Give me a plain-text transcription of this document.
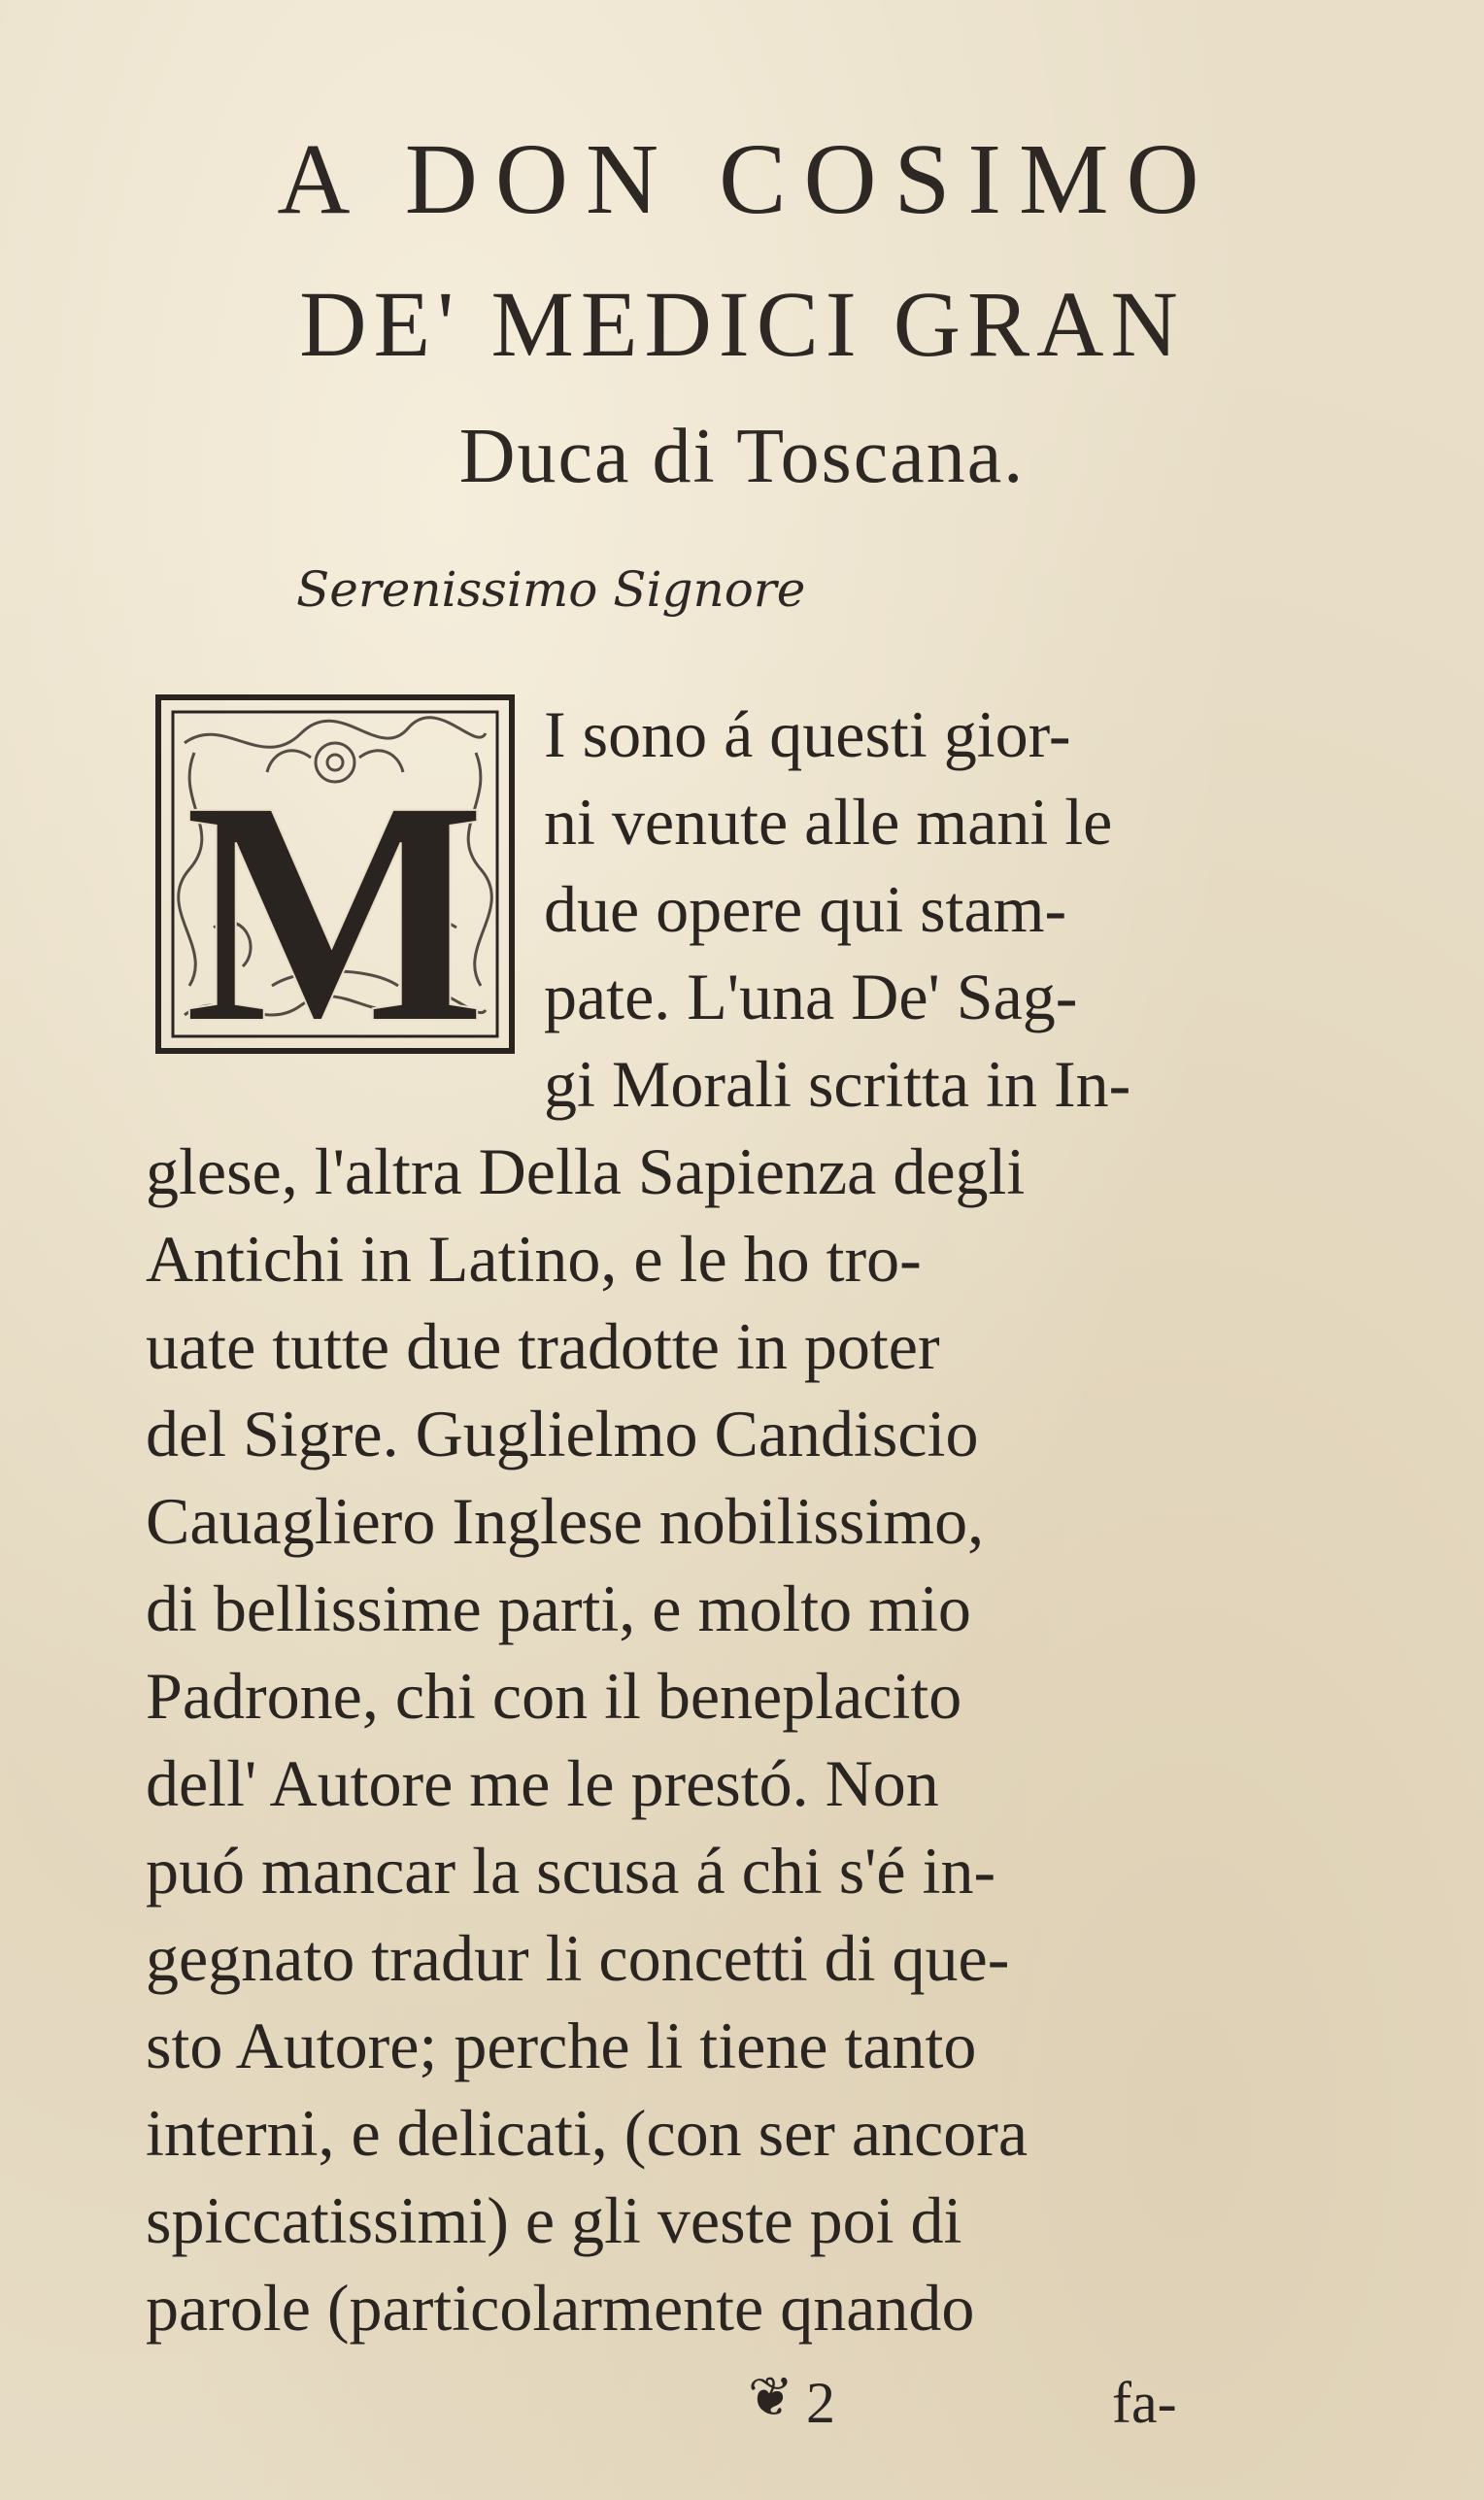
A DON COSIMO
DE' MEDICI GRAN
Duca di Toscana.
Serenissimo Signore
M
I sono á questi gior-
ni venute alle mani le
due opere qui stam-
pate. L'una De' Sag-
gi Morali scritta in In-
glese, l'altra Della Sapienza degli
Antichi in Latino, e le ho tro-
uate tutte due tradotte in poter
del Sigre. Guglielmo Candiscio
Cauagliero Inglese nobilissimo,
di bellissime parti, e molto mio
Padrone, chi con il beneplacito
dell' Autore me le prestó. Non
puó mancar la scusa á chi s'é in-
gegnato tradur li concetti di que-
sto Autore; perche li tiene tanto
interni, e delicati, (con ser ancora
spiccatissimi) e gli veste poi di
parole (particolarmente qnando
❦ 2	fa-
